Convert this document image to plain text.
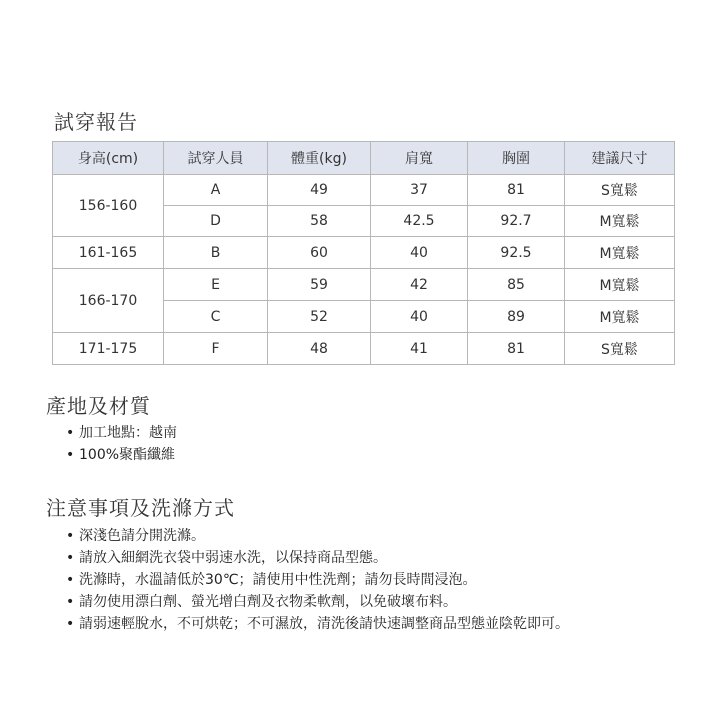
試穿報告
身高(cm)	試穿人員	體重(kg)	肩寬	胸圍	建議尺寸
156-160	A	49	37	81	S寬鬆
	D	58	42.5	92.7	M寬鬆
161-165	B	60	40	92.5	M寬鬆
166-170	E	59	42	85	M寬鬆
	C	52	40	89	M寬鬆
171-175	F	48	41	81	S寬鬆
產地及材質
• 加工地點：越南
• 100%聚酯纖維
注意事項及洗滌方式
• 深淺色請分開洗滌。
• 請放入細網洗衣袋中弱速水洗，以保持商品型態。
• 洗滌時，水溫請低於30℃；請使用中性洗劑；請勿長時間浸泡。
• 請勿使用漂白劑、螢光增白劑及衣物柔軟劑，以免破壞布料。
• 請弱速輕脫水，不可烘乾；不可濕放，清洗後請快速調整商品型態並陰乾即可。
